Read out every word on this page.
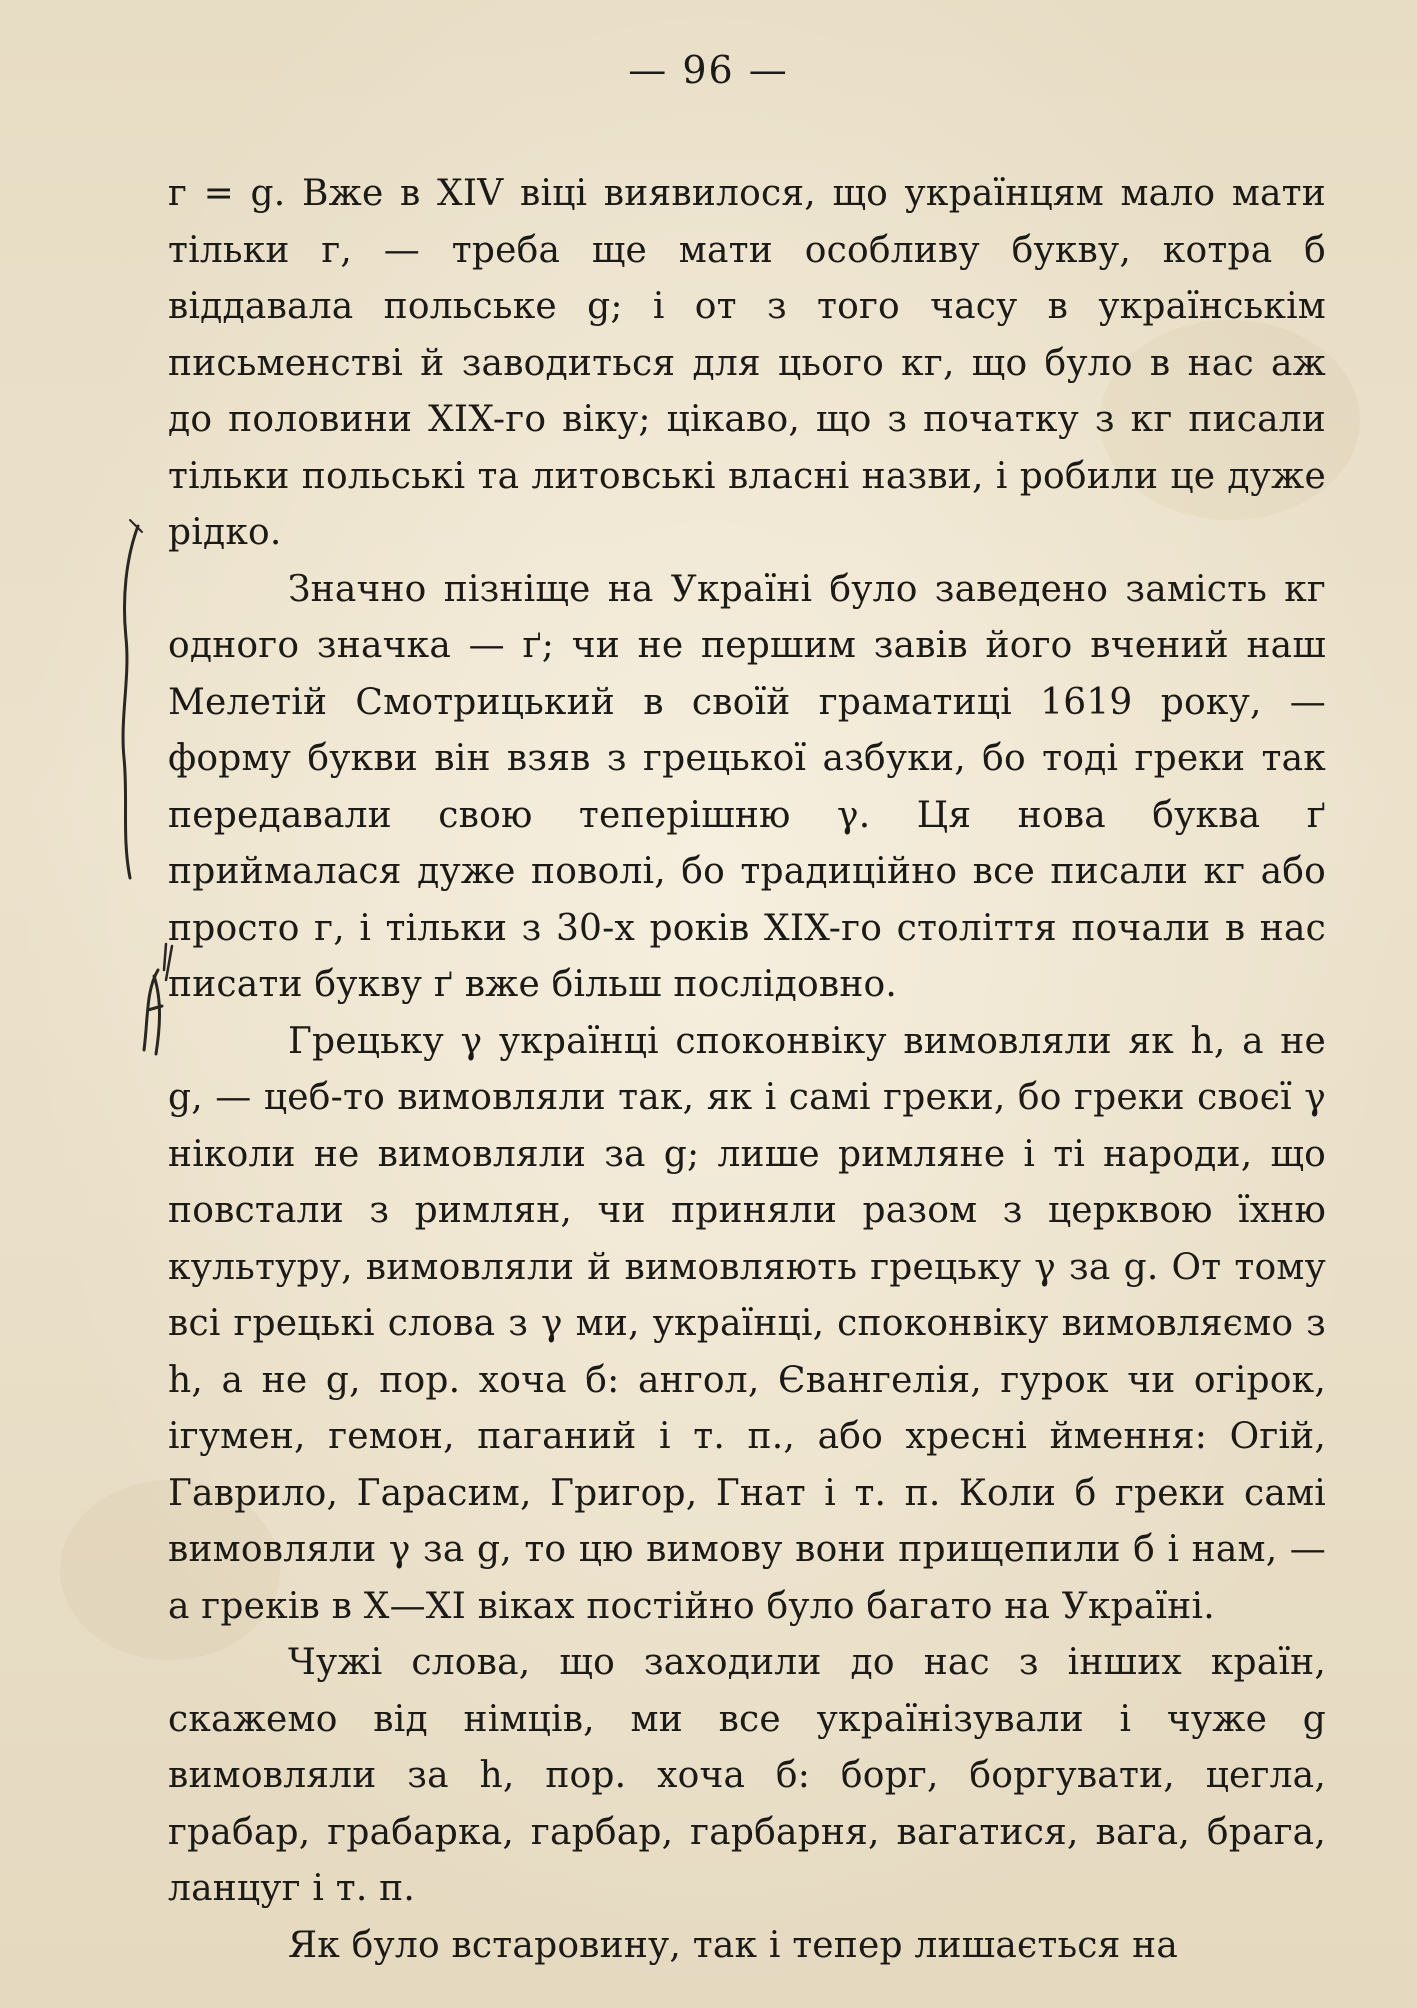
— 96 —

г = g. Вже в XIV віці виявилося, що українцям мало мати тільки г, — треба ще мати особливу букву, котра б віддавала польське g; і от з того часу в українськім письменстві й заводиться для цього кг, що було в нас аж до половини XIX-го віку; цікаво, що з початку з кг писали тільки польські та литовські власні назви, і робили це дуже рідко.

Значно пізніще на Україні було заведено замість кг одного значка — ґ; чи не першим завів його вчений наш Мелетій Смотрицький в своїй граматиці 1619 року, — форму букви він взяв з грецької азбуки, бо тоді греки так передавали свою теперішню γ. Ця нова буква ґ приймалася дуже поволі, бо традиційно все писали кг або просто г, і тільки з 30-х років XIX-го століття почали в нас писати букву ґ вже більш послідовно.

Грецьку γ українці споконвіку вимовляли як h, а не g, — цеб-то вимовляли так, як і самі греки, бо греки своєї γ ніколи не вимовляли за g; лише римляне і ті народи, що повстали з римлян, чи приняли разом з церквою їхню культуру, вимовляли й вимовляють грецьку γ за g. От тому всі грецькі слова з γ ми, українці, споконвіку вимовляємо з h, а не g, пор. хоча б: ангол, Євангелія, гурок чи огірок, ігумен, гемон, паганий і т. п., або хресні ймення: Огій, Гаврило, Гарасим, Григор, Гнат і т. п. Коли б греки самі вимовляли γ за g, то цю вимову вони прищепили б і нам, — а греків в X—XI віках постійно було багато на Україні.

Чужі слова, що заходили до нас з інших країн, скажемо від німців, ми все українізували і чуже g вимовляли за h, пор. хоча б: борг, боргувати, цегла, грабар, грабарка, гарбар, гарбарня, вагатися, вага, брага, ланцуг і т. п.

Як було встаровину, так і тепер лишається на
